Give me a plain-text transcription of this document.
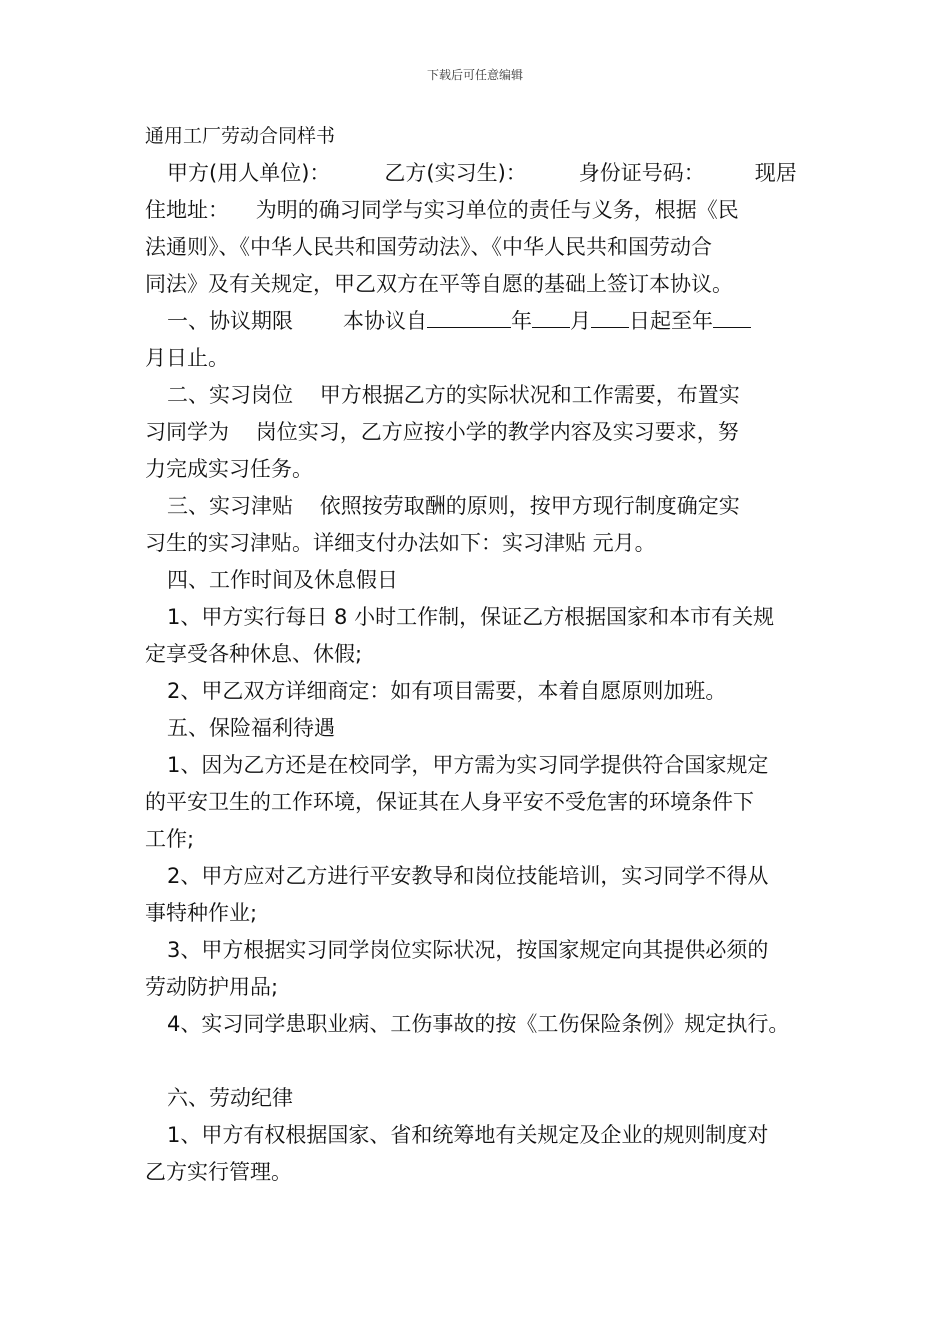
下载后可任意编辑
通用工厂劳动合同样书
甲方(用人单位)：	乙方(实习生)： 身份证号码： 现居
住地址：    为明的确习同学与实习单位的责任与义务，根据《民
法通则》、《中华人民共和国劳动法》、《中华人民共和国劳动合
同法》及有关规定，甲乙双方在平等自愿的基础上签订本协议。
一、协议期限 本协议自	年 月 日起至年
月日止。
二、实习岗位    甲方根据乙方的实际状况和工作需要，布置实
习同学为    岗位实习，乙方应按小学的教学内容及实习要求，努
力完成实习任务。
三、实习津贴    依照按劳取酬的原则，按甲方现行制度确定实
习生的实习津贴。详细支付办法如下：实习津贴 元月。
四、工作时间及休息假日
1、甲方实行每日 8 小时工作制，保证乙方根据国家和本市有关规
定享受各种休息、休假;
2、甲乙双方详细商定：如有项目需要，本着自愿原则加班。
五、保险福利待遇
1、因为乙方还是在校同学，甲方需为实习同学提供符合国家规定
的平安卫生的工作环境，保证其在人身平安不受危害的环境条件下
工作;
2、甲方应对乙方进行平安教导和岗位技能培训，实习同学不得从
事特种作业;
3、甲方根据实习同学岗位实际状况，按国家规定向其提供必须的
劳动防护用品;
4、实习同学患职业病、工伤事故的按《工伤保险条例》规定执行。
六、劳动纪律
1、甲方有权根据国家、省和统筹地有关规定及企业的规则制度对
乙方实行管理。
